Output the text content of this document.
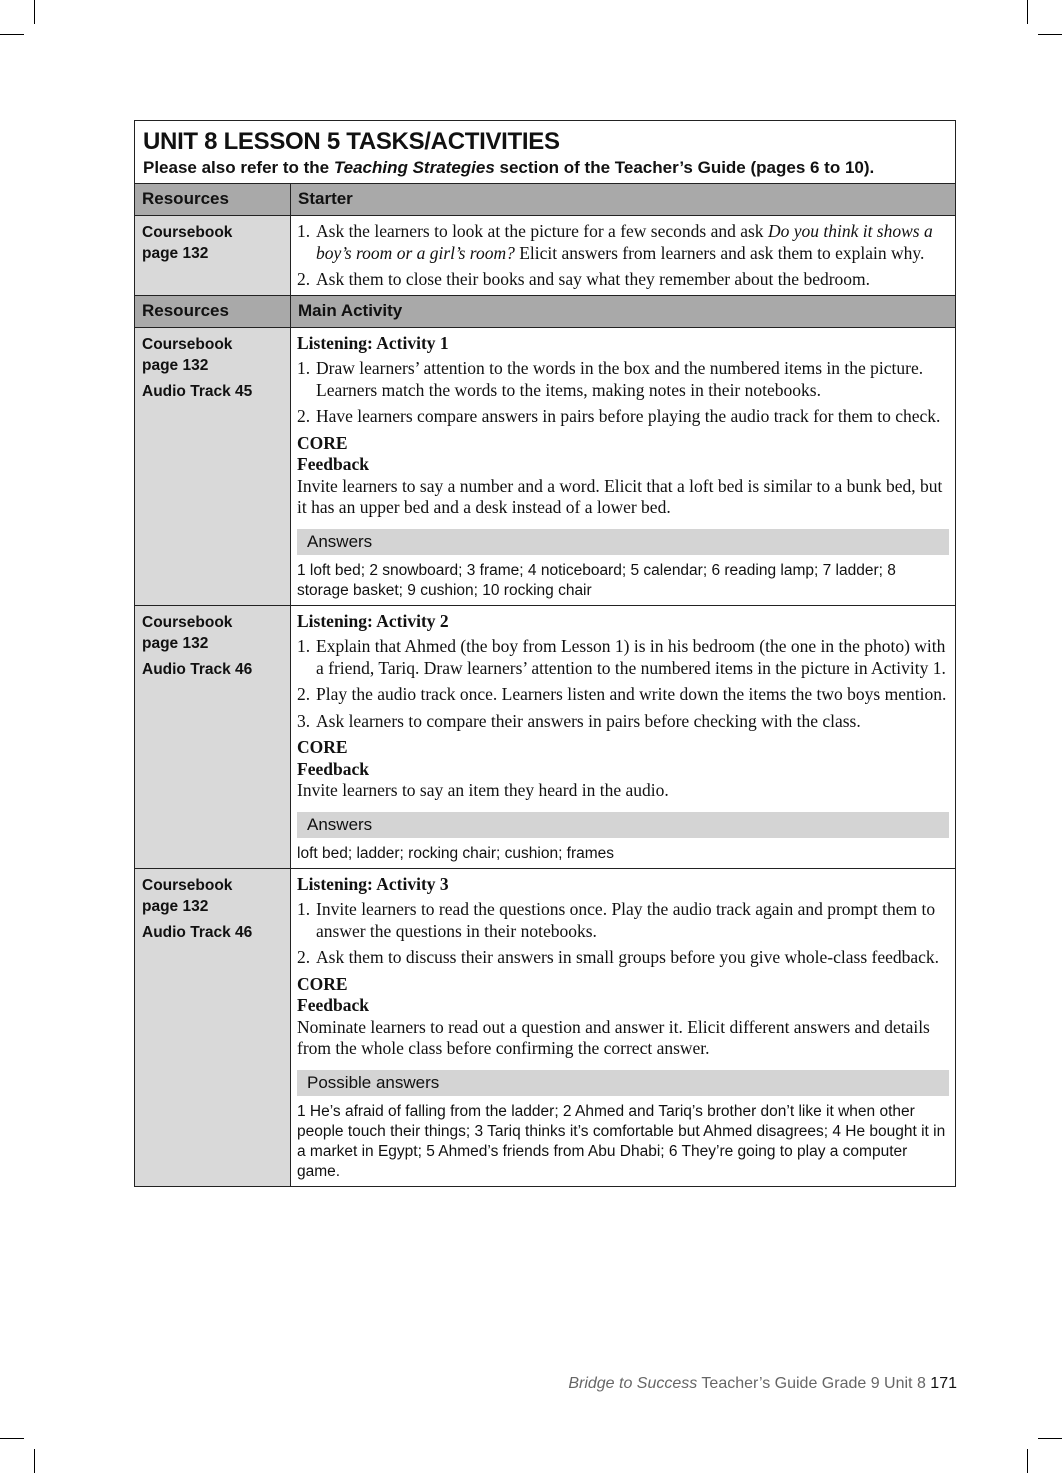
UNIT 8 LESSON 5 TASKS/ACTIVITIES
Please also refer to the Teaching Strategies section of the Teacher’s Guide (pages 6 to 10).
Resources	Starter
Coursebook
page 132
1. Ask the learners to look at the picture for a few seconds and ask Do you think it shows a boy’s room or a girl’s room? Elicit answers from learners and ask them to explain why.
2. Ask them to close their books and say what they remember about the bedroom.
Resources	Main Activity
Coursebook
page 132
Audio Track 45
Listening: Activity 1
1. Draw learners’ attention to the words in the box and the numbered items in the picture. Learners match the words to the items, making notes in their notebooks.
2. Have learners compare answers in pairs before playing the audio track for them to check.
CORE
Feedback
Invite learners to say a number and a word. Elicit that a loft bed is similar to a bunk bed, but it has an upper bed and a desk instead of a lower bed.
Answers
1 loft bed; 2 snowboard; 3 frame; 4 noticeboard; 5 calendar; 6 reading lamp; 7 ladder; 8 storage basket; 9 cushion; 10 rocking chair
Coursebook
page 132
Audio Track 46
Listening: Activity 2
1. Explain that Ahmed (the boy from Lesson 1) is in his bedroom (the one in the photo) with a friend, Tariq. Draw learners’ attention to the numbered items in the picture in Activity 1.
2. Play the audio track once. Learners listen and write down the items the two boys mention.
3. Ask learners to compare their answers in pairs before checking with the class.
CORE
Feedback
Invite learners to say an item they heard in the audio.
Answers
loft bed; ladder; rocking chair; cushion; frames
Coursebook
page 132
Audio Track 46
Listening: Activity 3
1. Invite learners to read the questions once. Play the audio track again and prompt them to answer the questions in their notebooks.
2. Ask them to discuss their answers in small groups before you give whole-class feedback.
CORE
Feedback
Nominate learners to read out a question and answer it. Elicit different answers and details from the whole class before confirming the correct answer.
Possible answers
1 He’s afraid of falling from the ladder; 2 Ahmed and Tariq’s brother don’t like it when other people touch their things; 3 Tariq thinks it’s comfortable but Ahmed disagrees; 4 He bought it in a market in Egypt; 5 Ahmed’s friends from Abu Dhabi; 6 They’re going to play a computer game.
Bridge to Success Teacher’s Guide Grade 9 Unit 8 171
